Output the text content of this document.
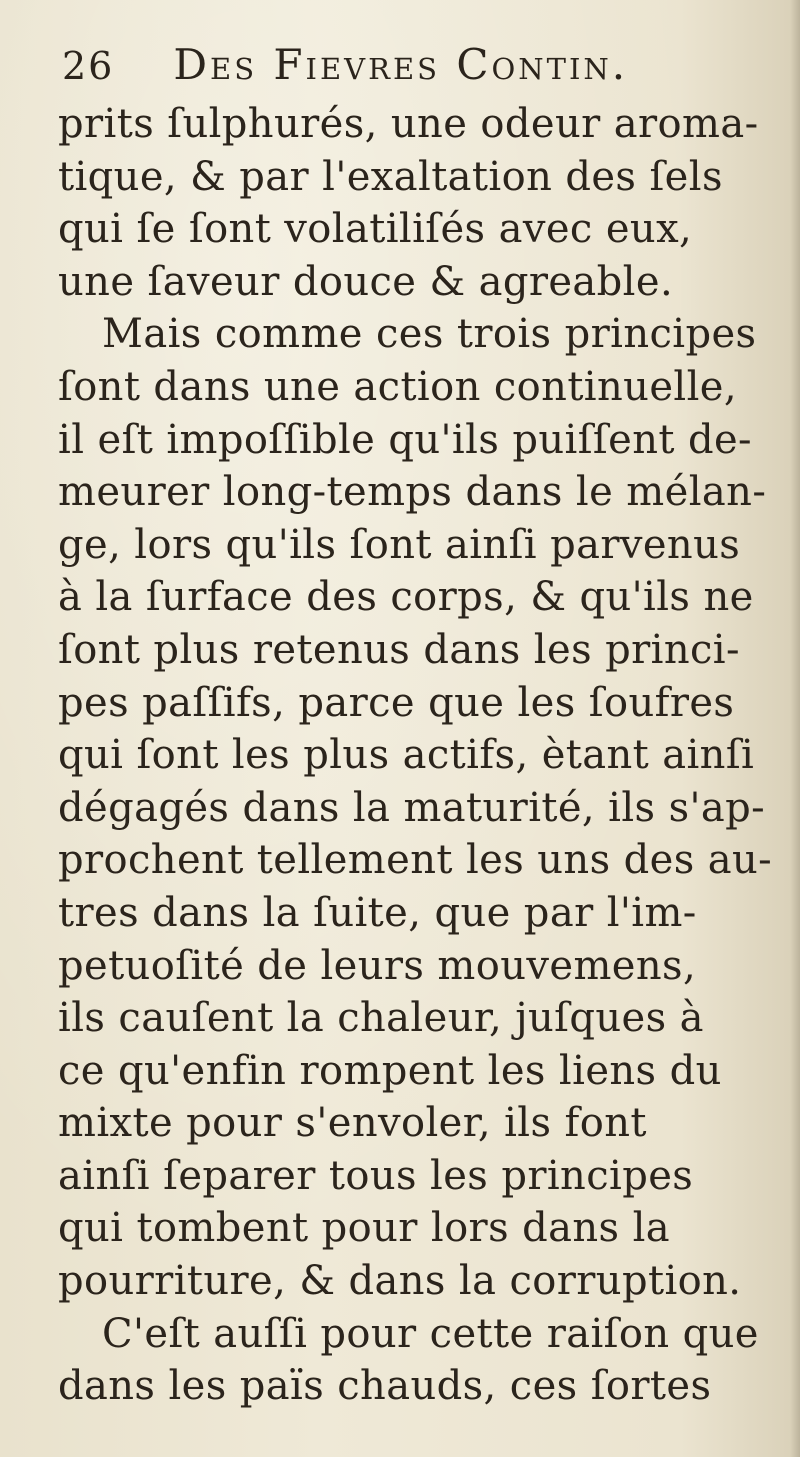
26 Des Fievres Contin.
prits ſulphurés, une odeur aroma-
tique, & par l'exaltation des ſels
qui ſe ſont volatiliſés avec eux,
une ſaveur douce & agreable.
Mais comme ces trois principes
ſont dans une action continuelle,
il eſt impoſſible qu'ils puiſſent de-
meurer long-temps dans le mélan-
ge, lors qu'ils ſont ainſi parvenus
à la ſurface des corps, & qu'ils ne
ſont plus retenus dans les princi-
pes paſſifs, parce que les ſoufres
qui ſont les plus actifs, ètant ainſi
dégagés dans la maturité, ils s'ap-
prochent tellement les uns des au-
tres dans la ſuite, que par l'im-
petuoſité de leurs mouvemens,
ils cauſent la chaleur, juſques à
ce qu'enfin rompent les liens du
mixte pour s'envoler, ils font
ainſi ſeparer tous les principes
qui tombent pour lors dans la
pourriture, & dans la corruption.
C'eſt auſſi pour cette raiſon que
dans les païs chauds, ces ſortes
